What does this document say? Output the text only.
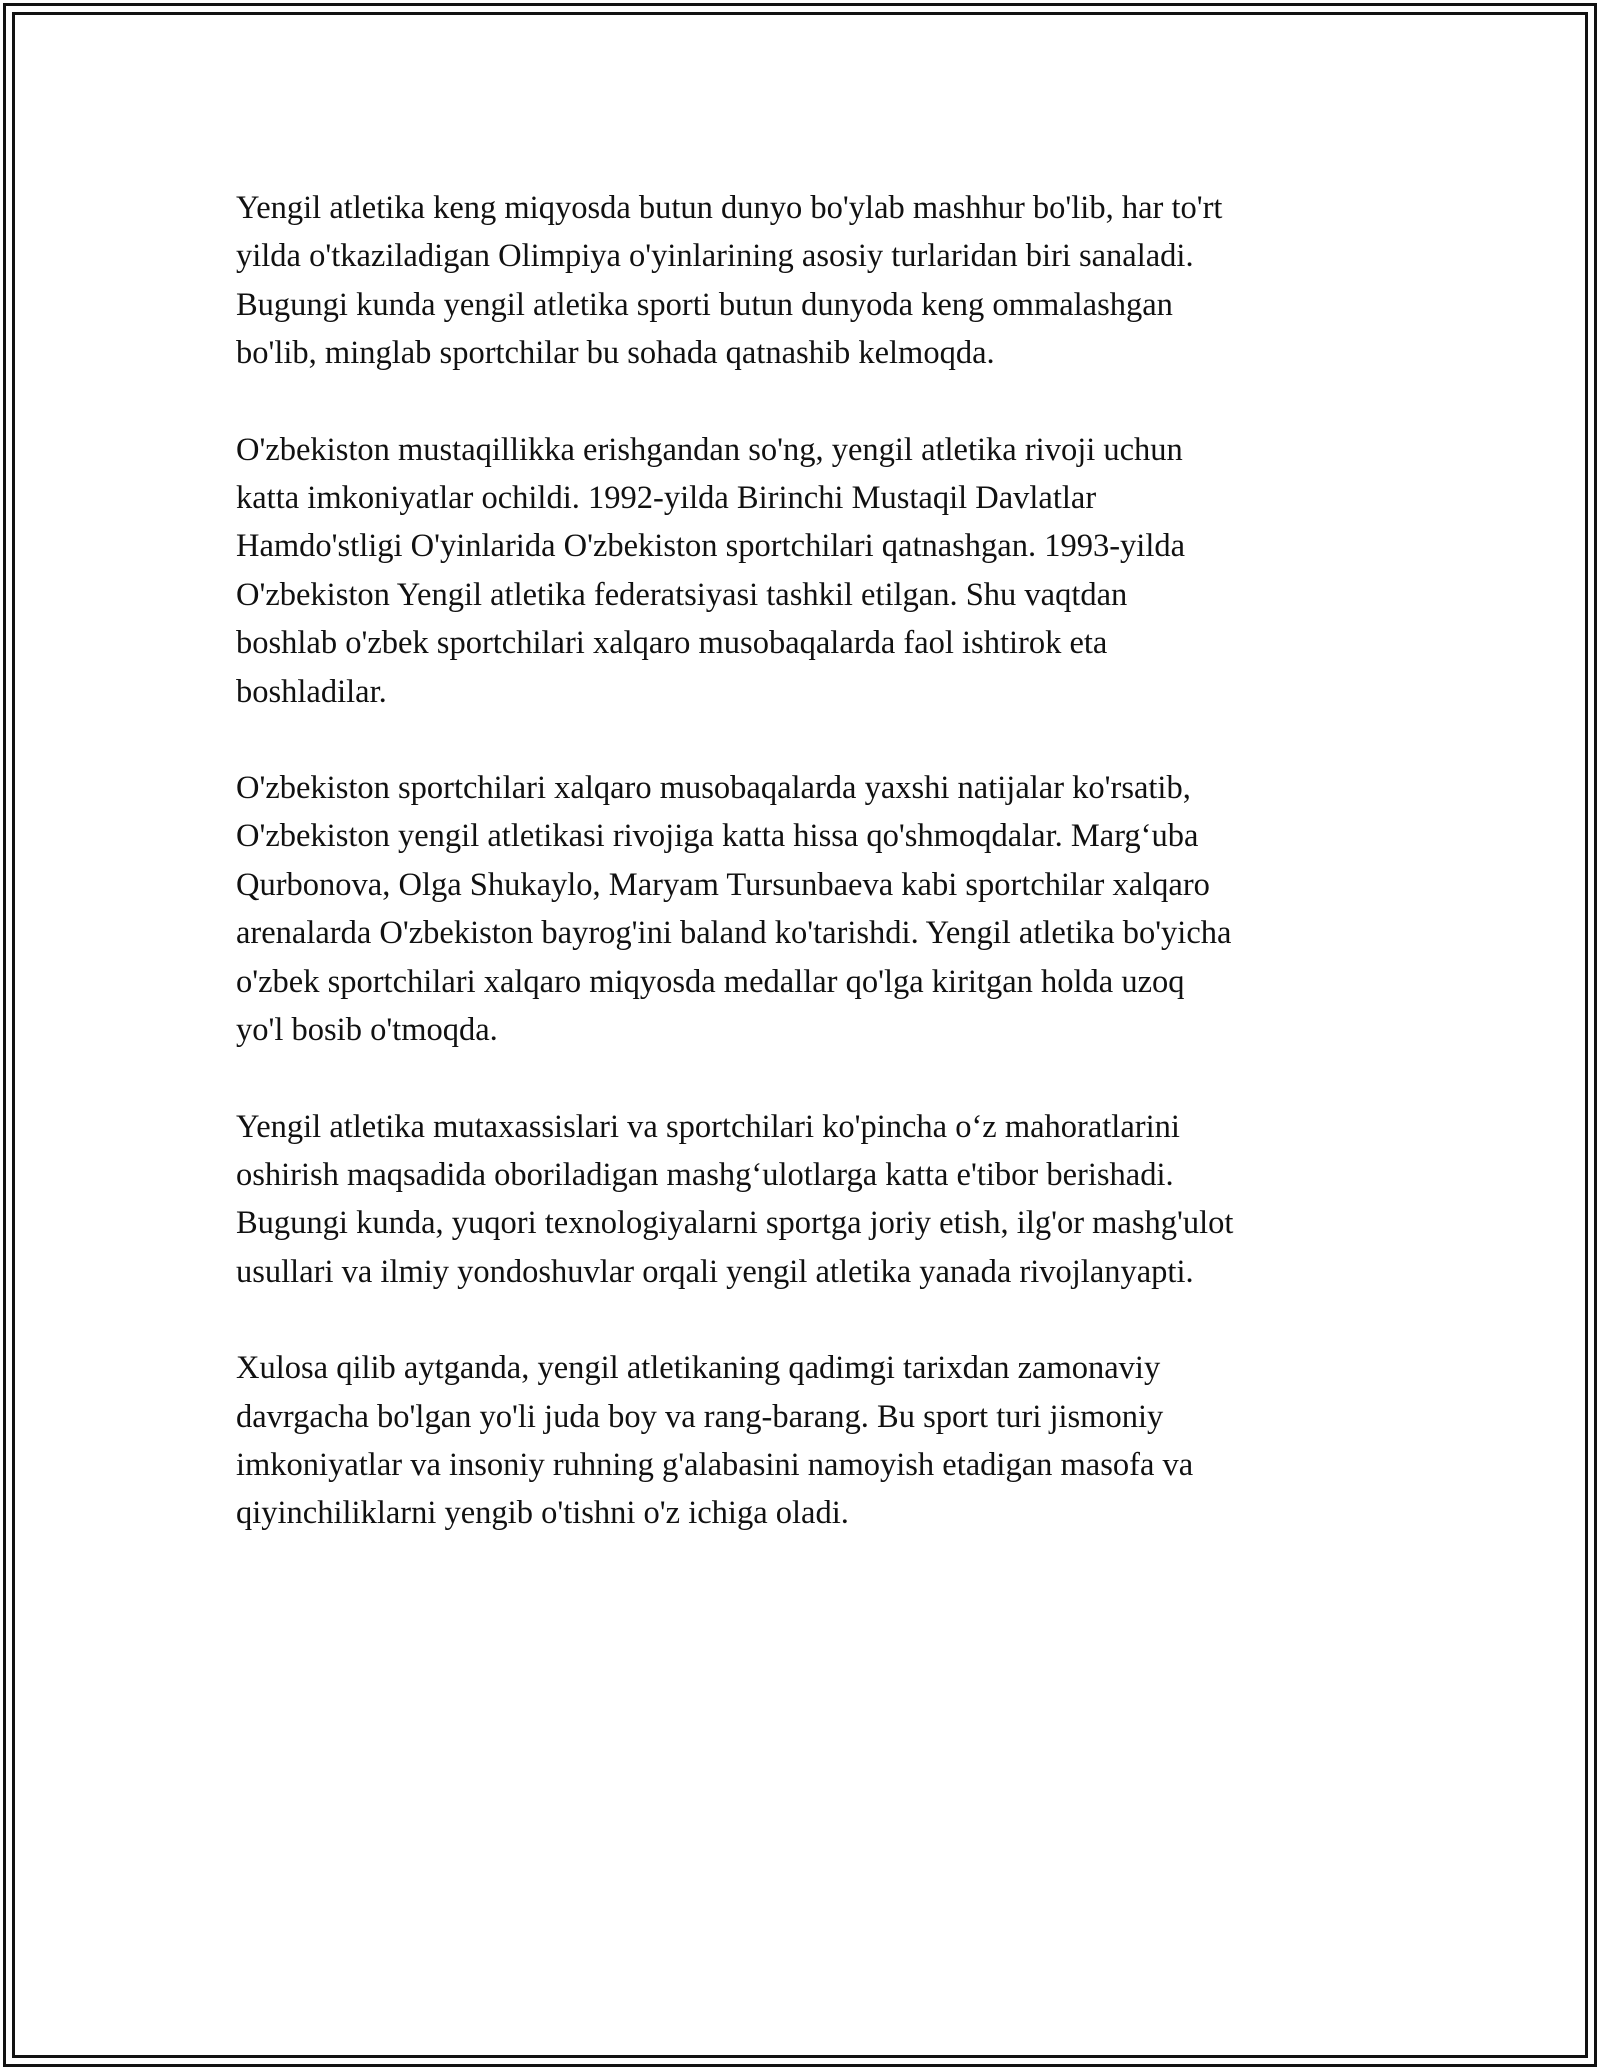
Yengil atletika keng miqyosda butun dunyo bo'ylab mashhur bo'lib, har to'rt
yilda o'tkaziladigan Olimpiya o'yinlarining asosiy turlaridan biri sanaladi.
Bugungi kunda yengil atletika sporti butun dunyoda keng ommalashgan
bo'lib, minglab sportchilar bu sohada qatnashib kelmoqda.

O'zbekiston mustaqillikka erishgandan so'ng, yengil atletika rivoji uchun
katta imkoniyatlar ochildi. 1992-yilda Birinchi Mustaqil Davlatlar
Hamdo'stligi O'yinlarida O'zbekiston sportchilari qatnashgan. 1993-yilda
O'zbekiston Yengil atletika federatsiyasi tashkil etilgan. Shu vaqtdan
boshlab o'zbek sportchilari xalqaro musobaqalarda faol ishtirok eta
boshladilar.

O'zbekiston sportchilari xalqaro musobaqalarda yaxshi natijalar ko'rsatib,
O'zbekiston yengil atletikasi rivojiga katta hissa qo'shmoqdalar. Marg‘uba
Qurbonova, Olga Shukaylo, Maryam Tursunbaeva kabi sportchilar xalqaro
arenalarda O'zbekiston bayrog'ini baland ko'tarishdi. Yengil atletika bo'yicha
o'zbek sportchilari xalqaro miqyosda medallar qo'lga kiritgan holda uzoq
yo'l bosib o'tmoqda.

Yengil atletika mutaxassislari va sportchilari ko'pincha o‘z mahoratlarini
oshirish maqsadida oboriladigan mashg‘ulotlarga katta e'tibor berishadi.
Bugungi kunda, yuqori texnologiyalarni sportga joriy etish, ilg'or mashg'ulot
usullari va ilmiy yondoshuvlar orqali yengil atletika yanada rivojlanyapti.

Xulosa qilib aytganda, yengil atletikaning qadimgi tarixdan zamonaviy
davrgacha bo'lgan yo'li juda boy va rang-barang. Bu sport turi jismoniy
imkoniyatlar va insoniy ruhning g'alabasini namoyish etadigan masofa va
qiyinchiliklarni yengib o'tishni o'z ichiga oladi.
